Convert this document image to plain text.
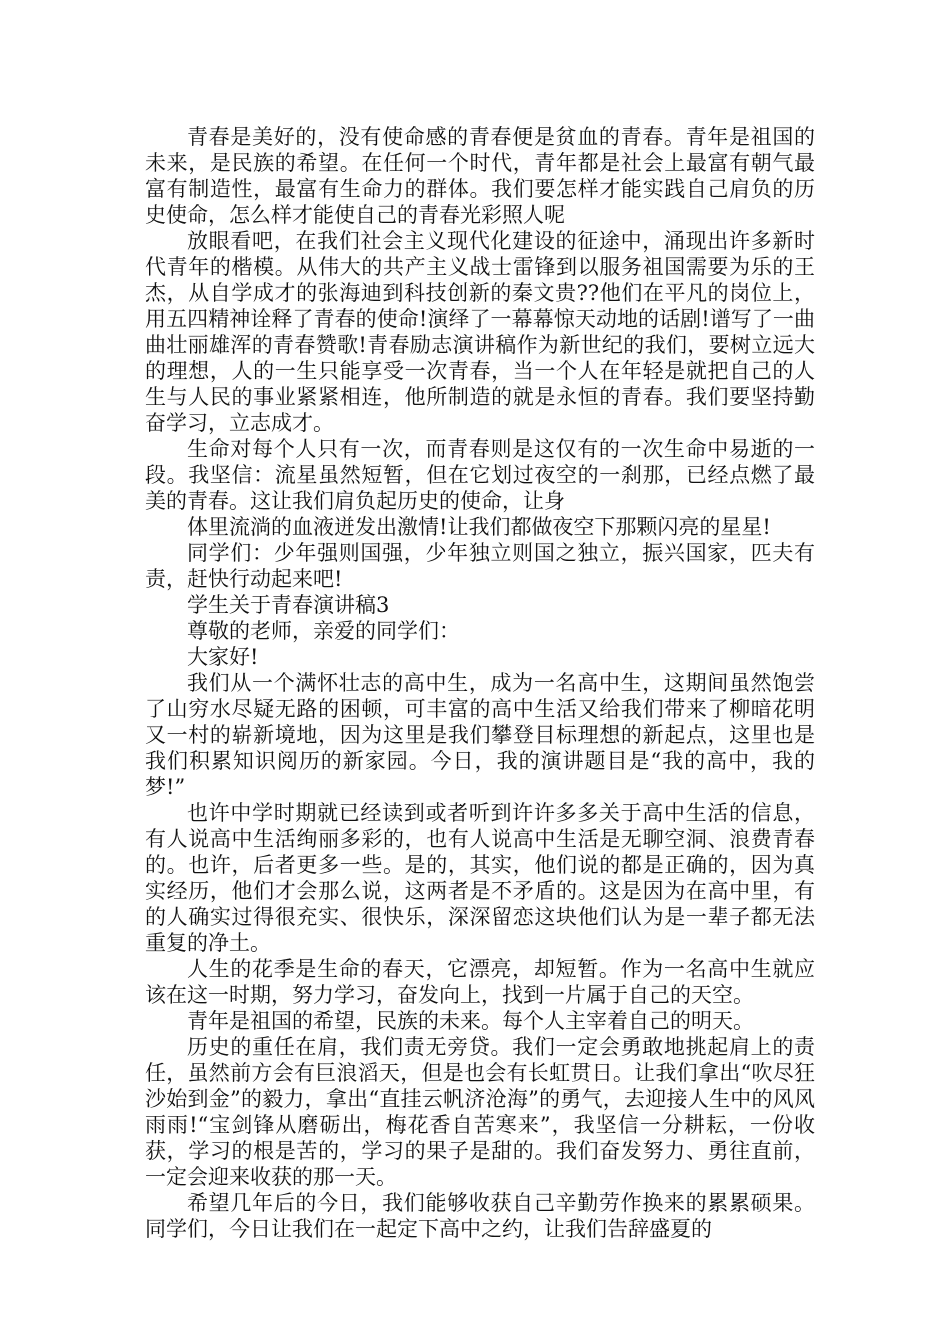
青春是美好的，没有使命感的青春便是贫血的青春。青年是祖国的未来，是民族的希望。在任何一个时代，青年都是社会上最富有朝气最富有制造性，最富有生命力的群体。我们要怎样才能实践自己肩负的历史使命，怎么样才能使自己的青春光彩照人呢

放眼看吧，在我们社会主义现代化建设的征途中，涌现出许多新时代青年的楷模。从伟大的共产主义战士雷锋到以服务祖国需要为乐的王杰，从自学成才的张海迪到科技创新的秦文贵??他们在平凡的岗位上，用五四精神诠释了青春的使命!演绎了一幕幕惊天动地的话剧!谱写了一曲曲壮丽雄浑的青春赞歌!青春励志演讲稿作为新世纪的我们，要树立远大的理想，人的一生只能享受一次青春，当一个人在年轻是就把自己的人生与人民的事业紧紧相连，他所制造的就是永恒的青春。我们要坚持勤奋学习，立志成才。

生命对每个人只有一次，而青春则是这仅有的一次生命中易逝的一段。我坚信：流星虽然短暂，但在它划过夜空的一刹那，已经点燃了最美的青春。这让我们肩负起历史的使命，让身

体里流淌的血液迸发出激情!让我们都做夜空下那颗闪亮的星星!

同学们：少年强则国强，少年独立则国之独立，振兴国家，匹夫有责，赶快行动起来吧!

学生关于青春演讲稿3

尊敬的老师，亲爱的同学们：

大家好!

我们从一个满怀壮志的高中生，成为一名高中生，这期间虽然饱尝了山穷水尽疑无路的困顿，可丰富的高中生活又给我们带来了柳暗花明又一村的崭新境地，因为这里是我们攀登目标理想的新起点，这里也是我们积累知识阅历的新家园。今日，我的演讲题目是“我的高中，我的梦!”

也许中学时期就已经读到或者听到许许多多关于高中生活的信息，有人说高中生活绚丽多彩的，也有人说高中生活是无聊空洞、浪费青春的。也许，后者更多一些。是的，其实，他们说的都是正确的，因为真实经历，他们才会那么说，这两者是不矛盾的。这是因为在高中里，有的人确实过得很充实、很快乐，深深留恋这块他们认为是一辈子都无法重复的净土。

人生的花季是生命的春天，它漂亮，却短暂。作为一名高中生就应该在这一时期，努力学习，奋发向上，找到一片属于自己的天空。

青年是祖国的希望，民族的未来。每个人主宰着自己的明天。

历史的重任在肩，我们责无旁贷。我们一定会勇敢地挑起肩上的责任，虽然前方会有巨浪滔天，但是也会有长虹贯日。让我们拿出“吹尽狂沙始到金”的毅力，拿出“直挂云帆济沧海”的勇气，去迎接人生中的风风雨雨!“宝剑锋从磨砺出，梅花香自苦寒来”，我坚信一分耕耘，一份收获，学习的根是苦的，学习的果子是甜的。我们奋发努力、勇往直前，一定会迎来收获的那一天。

希望几年后的今日，我们能够收获自己辛勤劳作换来的累累硕果。同学们，今日让我们在一起定下高中之约，让我们告辞盛夏的
